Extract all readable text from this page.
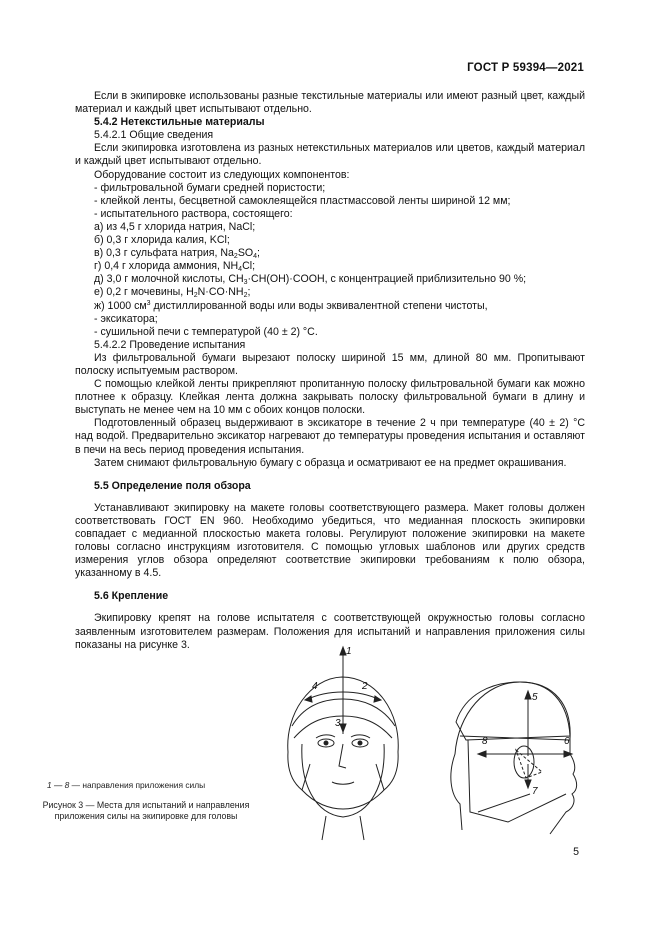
ГОСТ Р 59394—2021

Если в экипировке использованы разные текстильные материалы или имеют разный цвет, каждый материал и каждый цвет испытывают отдельно.

5.4.2 Нетекстильные материалы

5.4.2.1 Общие сведения

Если экипировка изготовлена из разных нетекстильных материалов или цветов, каждый материал и каждый цвет испытывают отдельно.

Оборудование состоит из следующих компонентов:

- фильтровальной бумаги средней пористости;

- клейкой ленты, бесцветной самоклеящейся пластмассовой ленты шириной 12 мм;

- испытательного раствора, состоящего:

а) из 4,5 г хлорида натрия, NaCl;

б) 0,3 г хлорида калия, KCl;

в) 0,3 г сульфата натрия, $Na_2SO_4$;

г) 0,4 г хлорида аммония, $NH_4Cl$;

д) 3,0 г молочной кислоты, $CH_3\cdot CH(OH)\cdot COOH$, с концентрацией приблизительно 90 %;

е) 0,2 г мочевины, $H_2N\cdot CO\cdot NH_2$;

ж) 1000 $см^3$ дистиллированной воды или воды эквивалентной степени чистоты,

- эксикатора;

- сушильной печи с температурой (40 ± 2) °С.

5.4.2.2 Проведение испытания

Из фильтровальной бумаги вырезают полоску шириной 15 мм, длиной 80 мм. Пропитывают полоску испытуемым раствором.

С помощью клейкой ленты прикрепляют пропитанную полоску фильтровальной бумаги как можно плотнее к образцу. Клейкая лента должна закрывать полоску фильтровальной бумаги в длину и выступать не менее чем на 10 мм с обоих концов полоски.

Подготовленный образец выдерживают в эксикаторе в течение 2 ч при температуре (40 ± 2) °С над водой. Предварительно эксикатор нагревают до температуры проведения испытания и оставляют в печи на весь период проведения испытания.

Затем снимают фильтровальную бумагу с образца и осматривают ее на предмет окрашивания.

5.5 Определение поля обзора

Устанавливают экипировку на макете головы соответствующего размера. Макет головы должен соответствовать ГОСТ EN 960. Необходимо убедиться, что медианная плоскость экипировки совпадает с медианной плоскостью макета головы. Регулируют положение экипировки на макете головы согласно инструкциям изготовителя. С помощью угловых шаблонов или других средств измерения углов обзора определяют соответствие экипировки требованиям к полю обзора, указанному в 4.5.

5.6 Крепление

Экипировку крепят на голове испытателя с соответствующей окружностью головы согласно заявленным изготовителем размерам. Положения для испытаний и направления приложения силы показаны на рисунке 3.

1
2
3
4
5
6
7
8
1 — 8 — направления приложения силы
Рисунок 3 — Места для испытаний и направления приложения силы на экипировке для головы
5
